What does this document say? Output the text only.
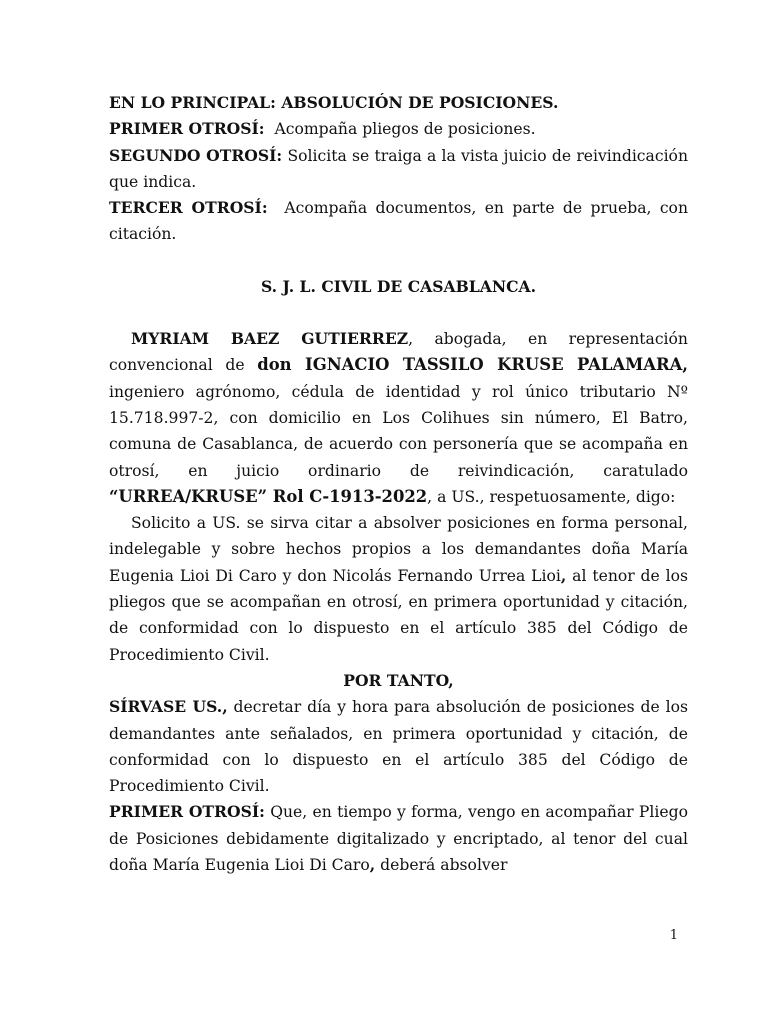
EN LO PRINCIPAL: ABSOLUCIÓN DE POSICIONES.

PRIMER OTROSÍ: Acompaña pliegos de posiciones.

SEGUNDO OTROSÍ: Solicita se traiga a la vista juicio de reivindicación que indica.

TERCER OTROSÍ: Acompaña documentos, en parte de prueba, con citación.

S. J. L. CIVIL DE CASABLANCA.

MYRIAM BAEZ GUTIERREZ, abogada, en representación convencional de don IGNACIO TASSILO KRUSE PALAMARA, ingeniero agrónomo, cédula de identidad y rol único tributario Nº 15.718.997-2, con domicilio en Los Colihues sin número, El Batro, comuna de Casablanca, de acuerdo con personería que se acompaña en otrosí, en juicio ordinario de reivindicación, caratulado “URREA/KRUSE” Rol C-1913-2022, a US., respetuosamente, digo:

Solicito a US. se sirva citar a absolver posiciones en forma personal, indelegable y sobre hechos propios a los demandantes doña María Eugenia Lioi Di Caro y don Nicolás Fernando Urrea Lioi, al tenor de los pliegos que se acompañan en otrosí, en primera oportunidad y citación, de conformidad con lo dispuesto en el artículo 385 del Código de Procedimiento Civil.

POR TANTO,

SÍRVASE US., decretar día y hora para absolución de posiciones de los demandantes ante señalados, en primera oportunidad y citación, de conformidad con lo dispuesto en el artículo 385 del Código de Procedimiento Civil.

PRIMER OTROSÍ: Que, en tiempo y forma, vengo en acompañar Pliego de Posiciones debidamente digitalizado y encriptado, al tenor del cual doña María Eugenia Lioi Di Caro, deberá absolver

1
